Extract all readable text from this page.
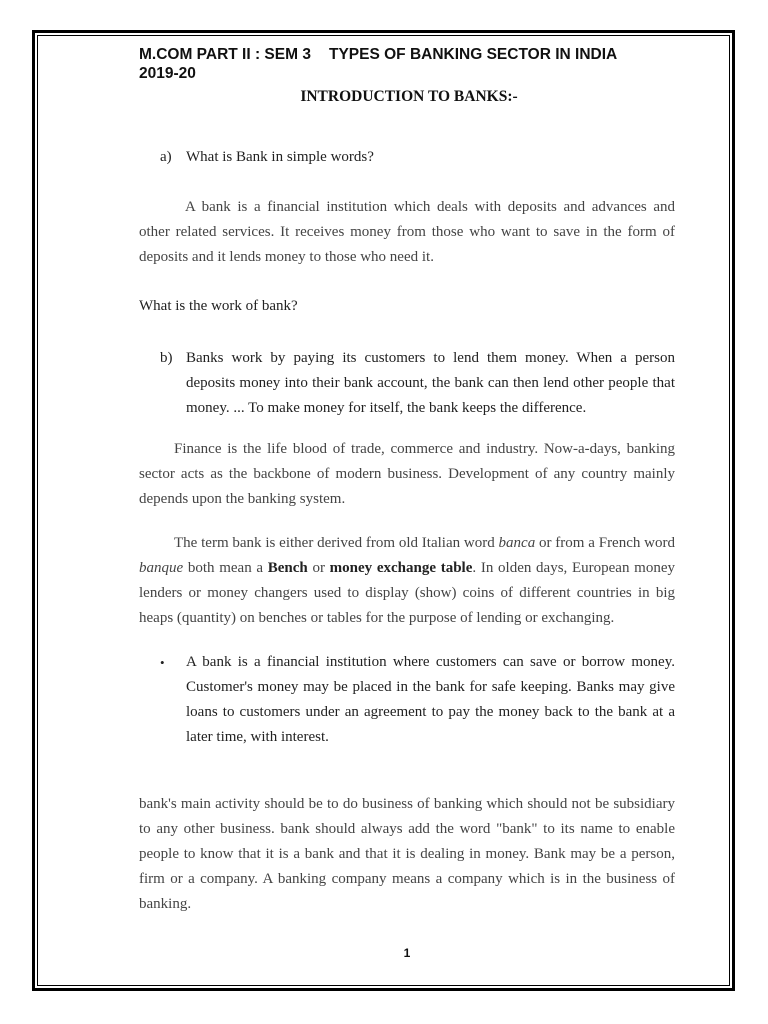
M.COM PART II : SEM 3 TYPES OF BANKING SECTOR IN INDIA
2019-20
INTRODUCTION TO BANKS:-
a) What is Bank in simple words?
A bank is a financial institution which deals with deposits and advances and other related services. It receives money from those who want to save in the form of deposits and it lends money to those who need it.
What is the work of bank?
b) Banks work by paying its customers to lend them money. When a person deposits money into their bank account, the bank can then lend other people that money. ... To make money for itself, the bank keeps the difference.
Finance is the life blood of trade, commerce and industry. Now-a-days, banking sector acts as the backbone of modern business. Development of any country mainly depends upon the banking system.
The term bank is either derived from old Italian word banca or from a French word banque both mean a Bench or money exchange table. In olden days, European money lenders or money changers used to display (show) coins of different countries in big heaps (quantity) on benches or tables for the purpose of lending or exchanging.
•	A bank is a financial institution where customers can save or borrow money. Customer's money may be placed in the bank for safe keeping. Banks may give loans to customers under an agreement to pay the money back to the bank at a later time, with interest.
bank's main activity should be to do business of banking which should not be subsidiary to any other business. bank should always add the word "bank" to its name to enable people to know that it is a bank and that it is dealing in money. Bank may be a person, firm or a company. A banking company means a company which is in the business of banking.
1
